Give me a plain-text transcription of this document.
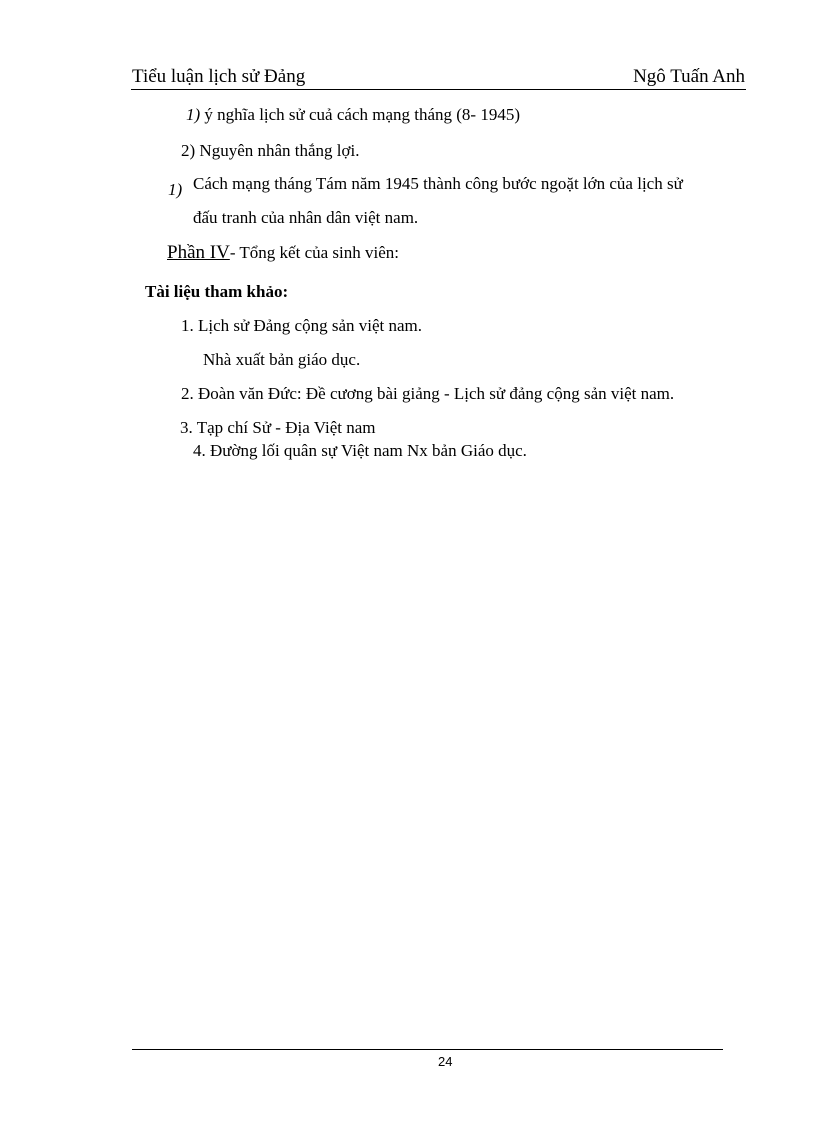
Tiểu luận lịch sử Đảng	Ngô Tuấn Anh
1) ý nghĩa lịch sử cuả cách mạng tháng (8- 1945)
2) Nguyên nhân thắng lợi.
1) Cách mạng tháng Tám năm 1945 thành công bước ngoặt lớn của lịch sử
đấu tranh của nhân dân việt nam.
Phần IV- Tổng kết của sinh viên:
Tài liệu tham khảo:
1. Lịch sử Đảng cộng sản việt nam.
Nhà xuất bản giáo dục.
2. Đoàn văn Đức: Đề cương bài giảng - Lịch sử đảng cộng sản việt nam.
3. Tạp chí Sử - Địa Việt nam
4. Đường lối quân sự Việt nam Nx bản Giáo dục.
24
